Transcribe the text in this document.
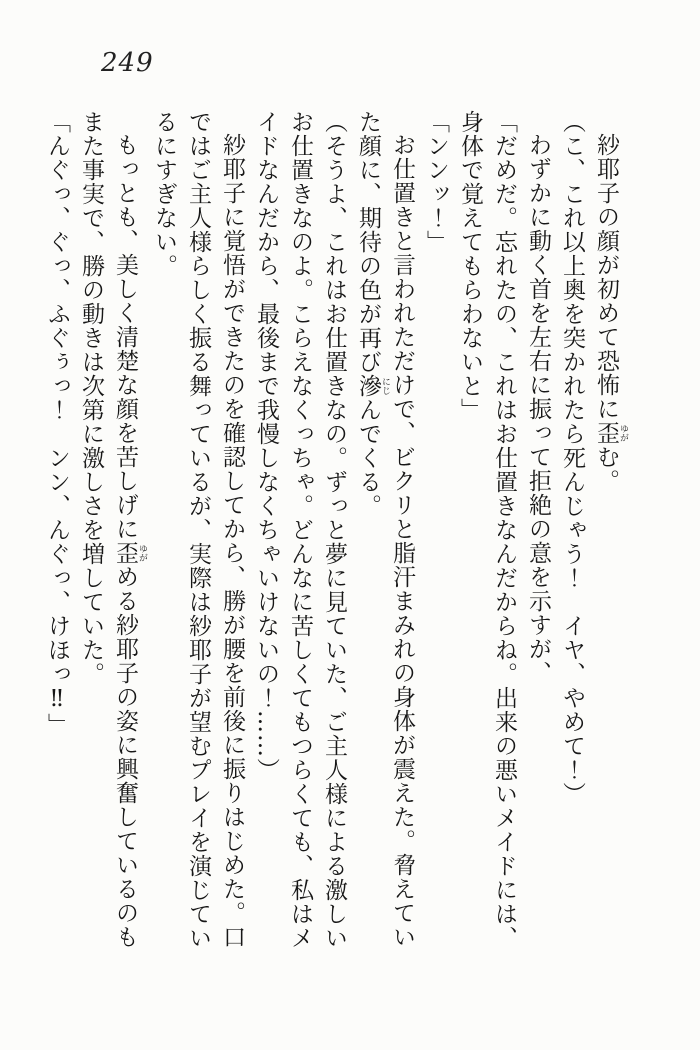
249

紗耶子の顔が初めて恐怖に歪 ゆがむ。

（こ、これ以上奥を突かれたら死んじゃう！　イヤ、やめて！）

わずかに動く首を左右に振って拒絶の意を示すが、

「だめだ。忘れたの、これはお仕置きなんだからね。出来の悪いメイドには、身体で覚えてもらわないと」

「ンンッ！」

お仕置きと言われただけで、ビクリと脂汗まみれの身体が震えた。脅えていた顔に、期待の色が再び滲 にじんでくる。

（そうよ、これはお仕置きなの。ずっと夢に見ていた、ご主人様による激しいお仕置きなのよ。こらえなくっちゃ。どんなに苦しくてもつらくても、私はメイドなんだから、最後まで我慢しなくちゃいけないの！……）

紗耶子に覚悟ができたのを確認してから、勝が腰を前後に振りはじめた。口ではご主人様らしく振る舞っているが、実際は紗耶子が望むプレイを演じているにすぎない。

もっとも、美しく清楚な顔を苦しげに歪 ゆがめる紗耶子の姿に興奮しているのもまた事実で、勝の動きは次第に激しさを増していた。

「んぐっ、ぐっ、ふぐぅっ！　ンン、んぐっ、けほっ‼」
